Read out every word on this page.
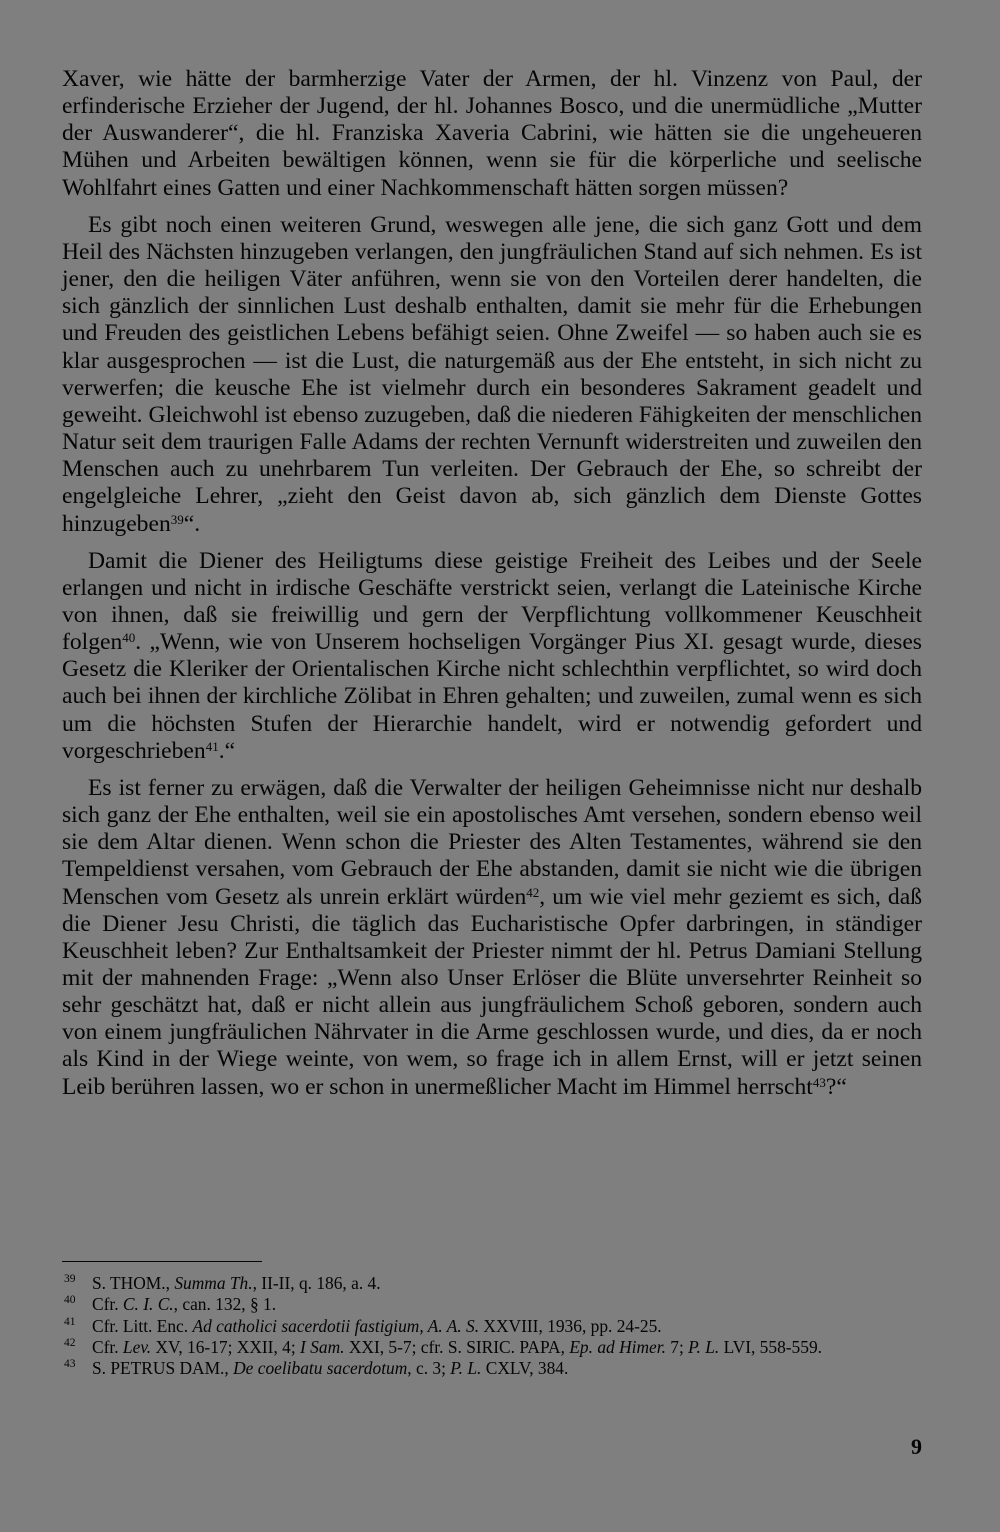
Xaver, wie hätte der barmherzige Vater der Armen, der hl. Vinzenz von Paul, der erfinderische Erzieher der Jugend, der hl. Johannes Bosco, und die unermüdliche „Mutter der Auswanderer“, die hl. Franziska Xaveria Cabrini, wie hätten sie die ungeheueren Mühen und Arbeiten bewältigen können, wenn sie für die körperliche und seelische Wohlfahrt eines Gatten und einer Nachkommenschaft hätten sorgen müssen?

Es gibt noch einen weiteren Grund, weswegen alle jene, die sich ganz Gott und dem Heil des Nächsten hinzugeben verlangen, den jungfräulichen Stand auf sich nehmen. Es ist jener, den die heiligen Väter anführen, wenn sie von den Vorteilen derer handelten, die sich gänzlich der sinnlichen Lust deshalb enthalten, damit sie mehr für die Erhebungen und Freuden des geistlichen Lebens befähigt seien. Ohne Zweifel — so haben auch sie es klar ausgesprochen — ist die Lust, die naturgemäß aus der Ehe entsteht, in sich nicht zu verwerfen; die keusche Ehe ist vielmehr durch ein besonderes Sakrament geadelt und geweiht. Gleichwohl ist ebenso zuzugeben, daß die niederen Fähigkeiten der menschlichen Natur seit dem traurigen Falle Adams der rechten Vernunft widerstreiten und zuweilen den Menschen auch zu unehrbarem Tun verleiten. Der Gebrauch der Ehe, so schreibt der engelgleiche Lehrer, „zieht den Geist davon ab, sich gänzlich dem Dienste Gottes hinzugeben$^{39}$“.

Damit die Diener des Heiligtums diese geistige Freiheit des Leibes und der Seele erlangen und nicht in irdische Geschäfte verstrickt seien, verlangt die Lateinische Kirche von ihnen, daß sie freiwillig und gern der Verpflichtung vollkommener Keuschheit folgen$^{40}$. „Wenn, wie von Unserem hochseligen Vorgänger Pius XI. gesagt wurde, dieses Gesetz die Kleriker der Orientalischen Kirche nicht schlechthin verpflichtet, so wird doch auch bei ihnen der kirchliche Zölibat in Ehren gehalten; und zuweilen, zumal wenn es sich um die höchsten Stufen der Hierarchie handelt, wird er notwendig gefordert und vorgeschrieben$^{41}$.“

Es ist ferner zu erwägen, daß die Verwalter der heiligen Geheimnisse nicht nur deshalb sich ganz der Ehe enthalten, weil sie ein apostolisches Amt versehen, sondern ebenso weil sie dem Altar dienen. Wenn schon die Priester des Alten Testamentes, während sie den Tempeldienst versahen, vom Gebrauch der Ehe abstanden, damit sie nicht wie die übrigen Menschen vom Gesetz als unrein erklärt würden$^{42}$, um wie viel mehr geziemt es sich, daß die Diener Jesu Christi, die täglich das Eucharistische Opfer darbringen, in ständiger Keuschheit leben? Zur Enthaltsamkeit der Priester nimmt der hl. Petrus Damiani Stellung mit der mahnenden Frage: „Wenn also Unser Erlöser die Blüte unversehrter Reinheit so sehr geschätzt hat, daß er nicht allein aus jungfräulichem Schoß geboren, sondern auch von einem jungfräulichen Nährvater in die Arme geschlossen wurde, und dies, da er noch als Kind in der Wiege weinte, von wem, so frage ich in allem Ernst, will er jetzt seinen Leib berühren lassen, wo er schon in unermeßlicher Macht im Himmel herrscht$^{43}$?“

39 S. THOM., Summa Th., II-II, q. 186, a. 4.
40 Cfr. C. I. C., can. 132, § 1.
41 Cfr. Litt. Enc. Ad catholici sacerdotii fastigium, A. A. S. XXVIII, 1936, pp. 24-25.
42 Cfr. Lev. XV, 16-17; XXII, 4; I Sam. XXI, 5-7; cfr. S. SIRIC. PAPA, Ep. ad Himer. 7; P. L. LVI, 558-559.
43 S. PETRUS DAM., De coelibatu sacerdotum, c. 3; P. L. CXLV, 384.
9
